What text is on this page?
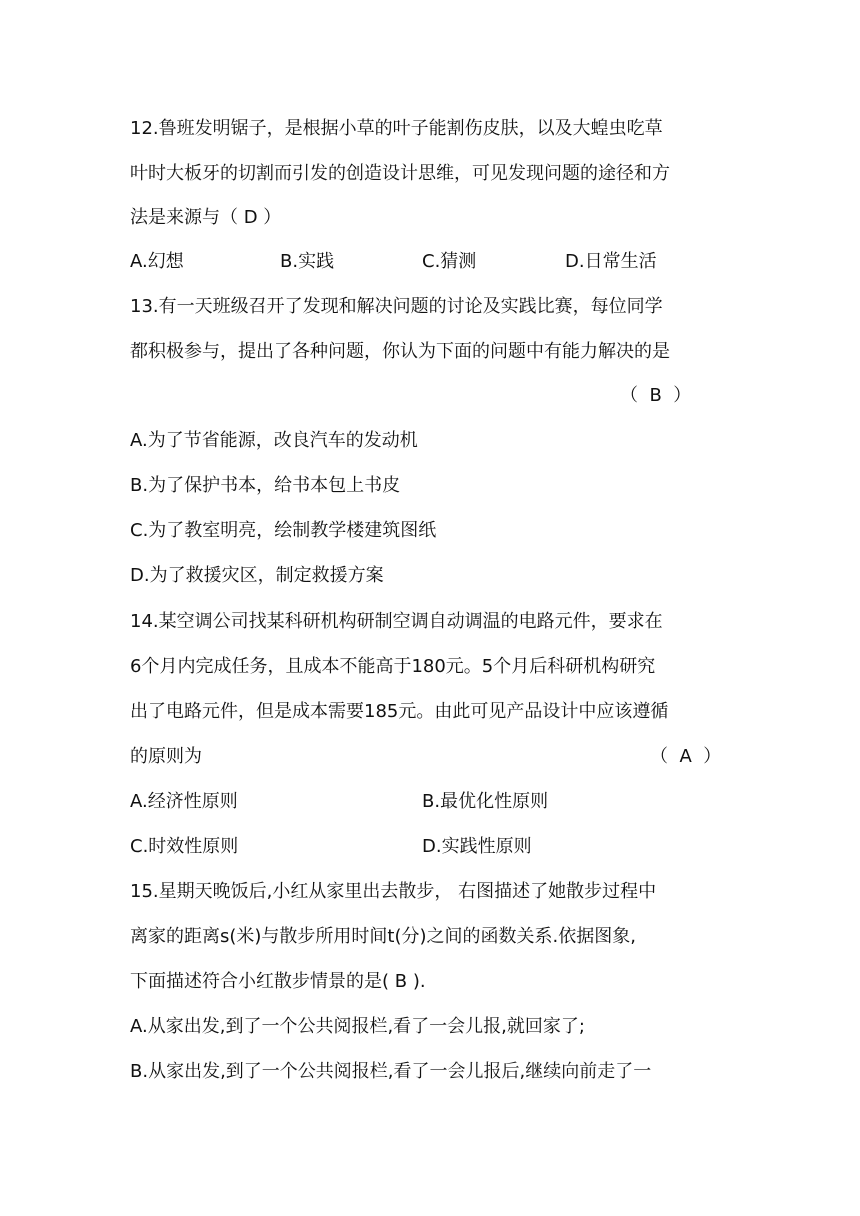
12.鲁班发明锯子，是根据小草的叶子能割伤皮肤，以及大蝗虫吃草
叶时大板牙的切割而引发的创造设计思维，可见发现问题的途径和方
法是来源与（ D ）
A.幻想	B.实践	C.猜测	D.日常生活
13.有一天班级召开了发现和解决问题的讨论及实践比赛，每位同学
都积极参与，提出了各种问题，你认为下面的问题中有能力解决的是
（  B  ）
A.为了节省能源，改良汽车的发动机
B.为了保护书本，给书本包上书皮
C.为了教室明亮，绘制教学楼建筑图纸
D.为了救援灾区，制定救援方案
14.某空调公司找某科研机构研制空调自动调温的电路元件，要求在
6个月内完成任务，且成本不能高于180元。5个月后科研机构研究
出了电路元件，但是成本需要185元。由此可见产品设计中应该遵循
的原则为	（  A  ）
A.经济性原则	B.最优化性原则
C.时效性原则	D.实践性原则
15.星期天晚饭后,小红从家里出去散步， 右图描述了她散步过程中
离家的距离s(米)与散步所用时间t(分)之间的函数关系.依据图象,
下面描述符合小红散步情景的是( B ).
A.从家出发,到了一个公共阅报栏,看了一会儿报,就回家了;
B.从家出发,到了一个公共阅报栏,看了一会儿报后,继续向前走了一
